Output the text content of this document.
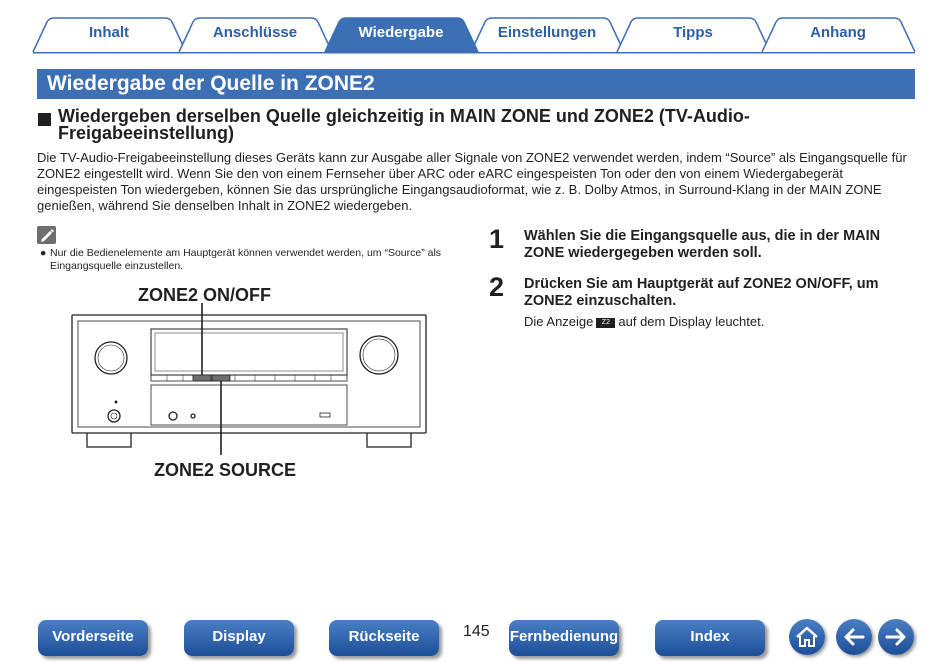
Inhalt	Anschlüsse	Wiedergabe	Einstellungen	Tipps	Anhang
Wiedergabe der Quelle in ZONE2
Wiedergeben derselben Quelle gleichzeitig in MAIN ZONE und ZONE2 (TV-Audio-Freigabeeinstellung)
Die TV-Audio-Freigabeeinstellung dieses Geräts kann zur Ausgabe aller Signale von ZONE2 verwendet werden, indem “Source” als Eingangsquelle für ZONE2 eingestellt wird. Wenn Sie den von einem Fernseher über ARC oder eARC eingespeisten Ton oder den von einem Wiedergabegerät eingespeisten Ton wiedergeben, können Sie das ursprüngliche Eingangsaudioformat, wie z. B. Dolby Atmos, in Surround-Klang in der MAIN ZONE genießen, während Sie denselben Inhalt in ZONE2 wiedergeben.
● Nur die Bedienelemente am Hauptgerät können verwendet werden, um “Source” als Eingangsquelle einzustellen.
ZONE2 ON/OFF
ZONE2 SOURCE
1 Wählen Sie die Eingangsquelle aus, die in der MAIN ZONE wiedergegeben werden soll.
2 Drücken Sie am Hauptgerät auf ZONE2 ON/OFF, um ZONE2 einzuschalten.
Die Anzeige Z2 auf dem Display leuchtet.
Vorderseite	Display	Rückseite	145 Fernbedienung	Index
